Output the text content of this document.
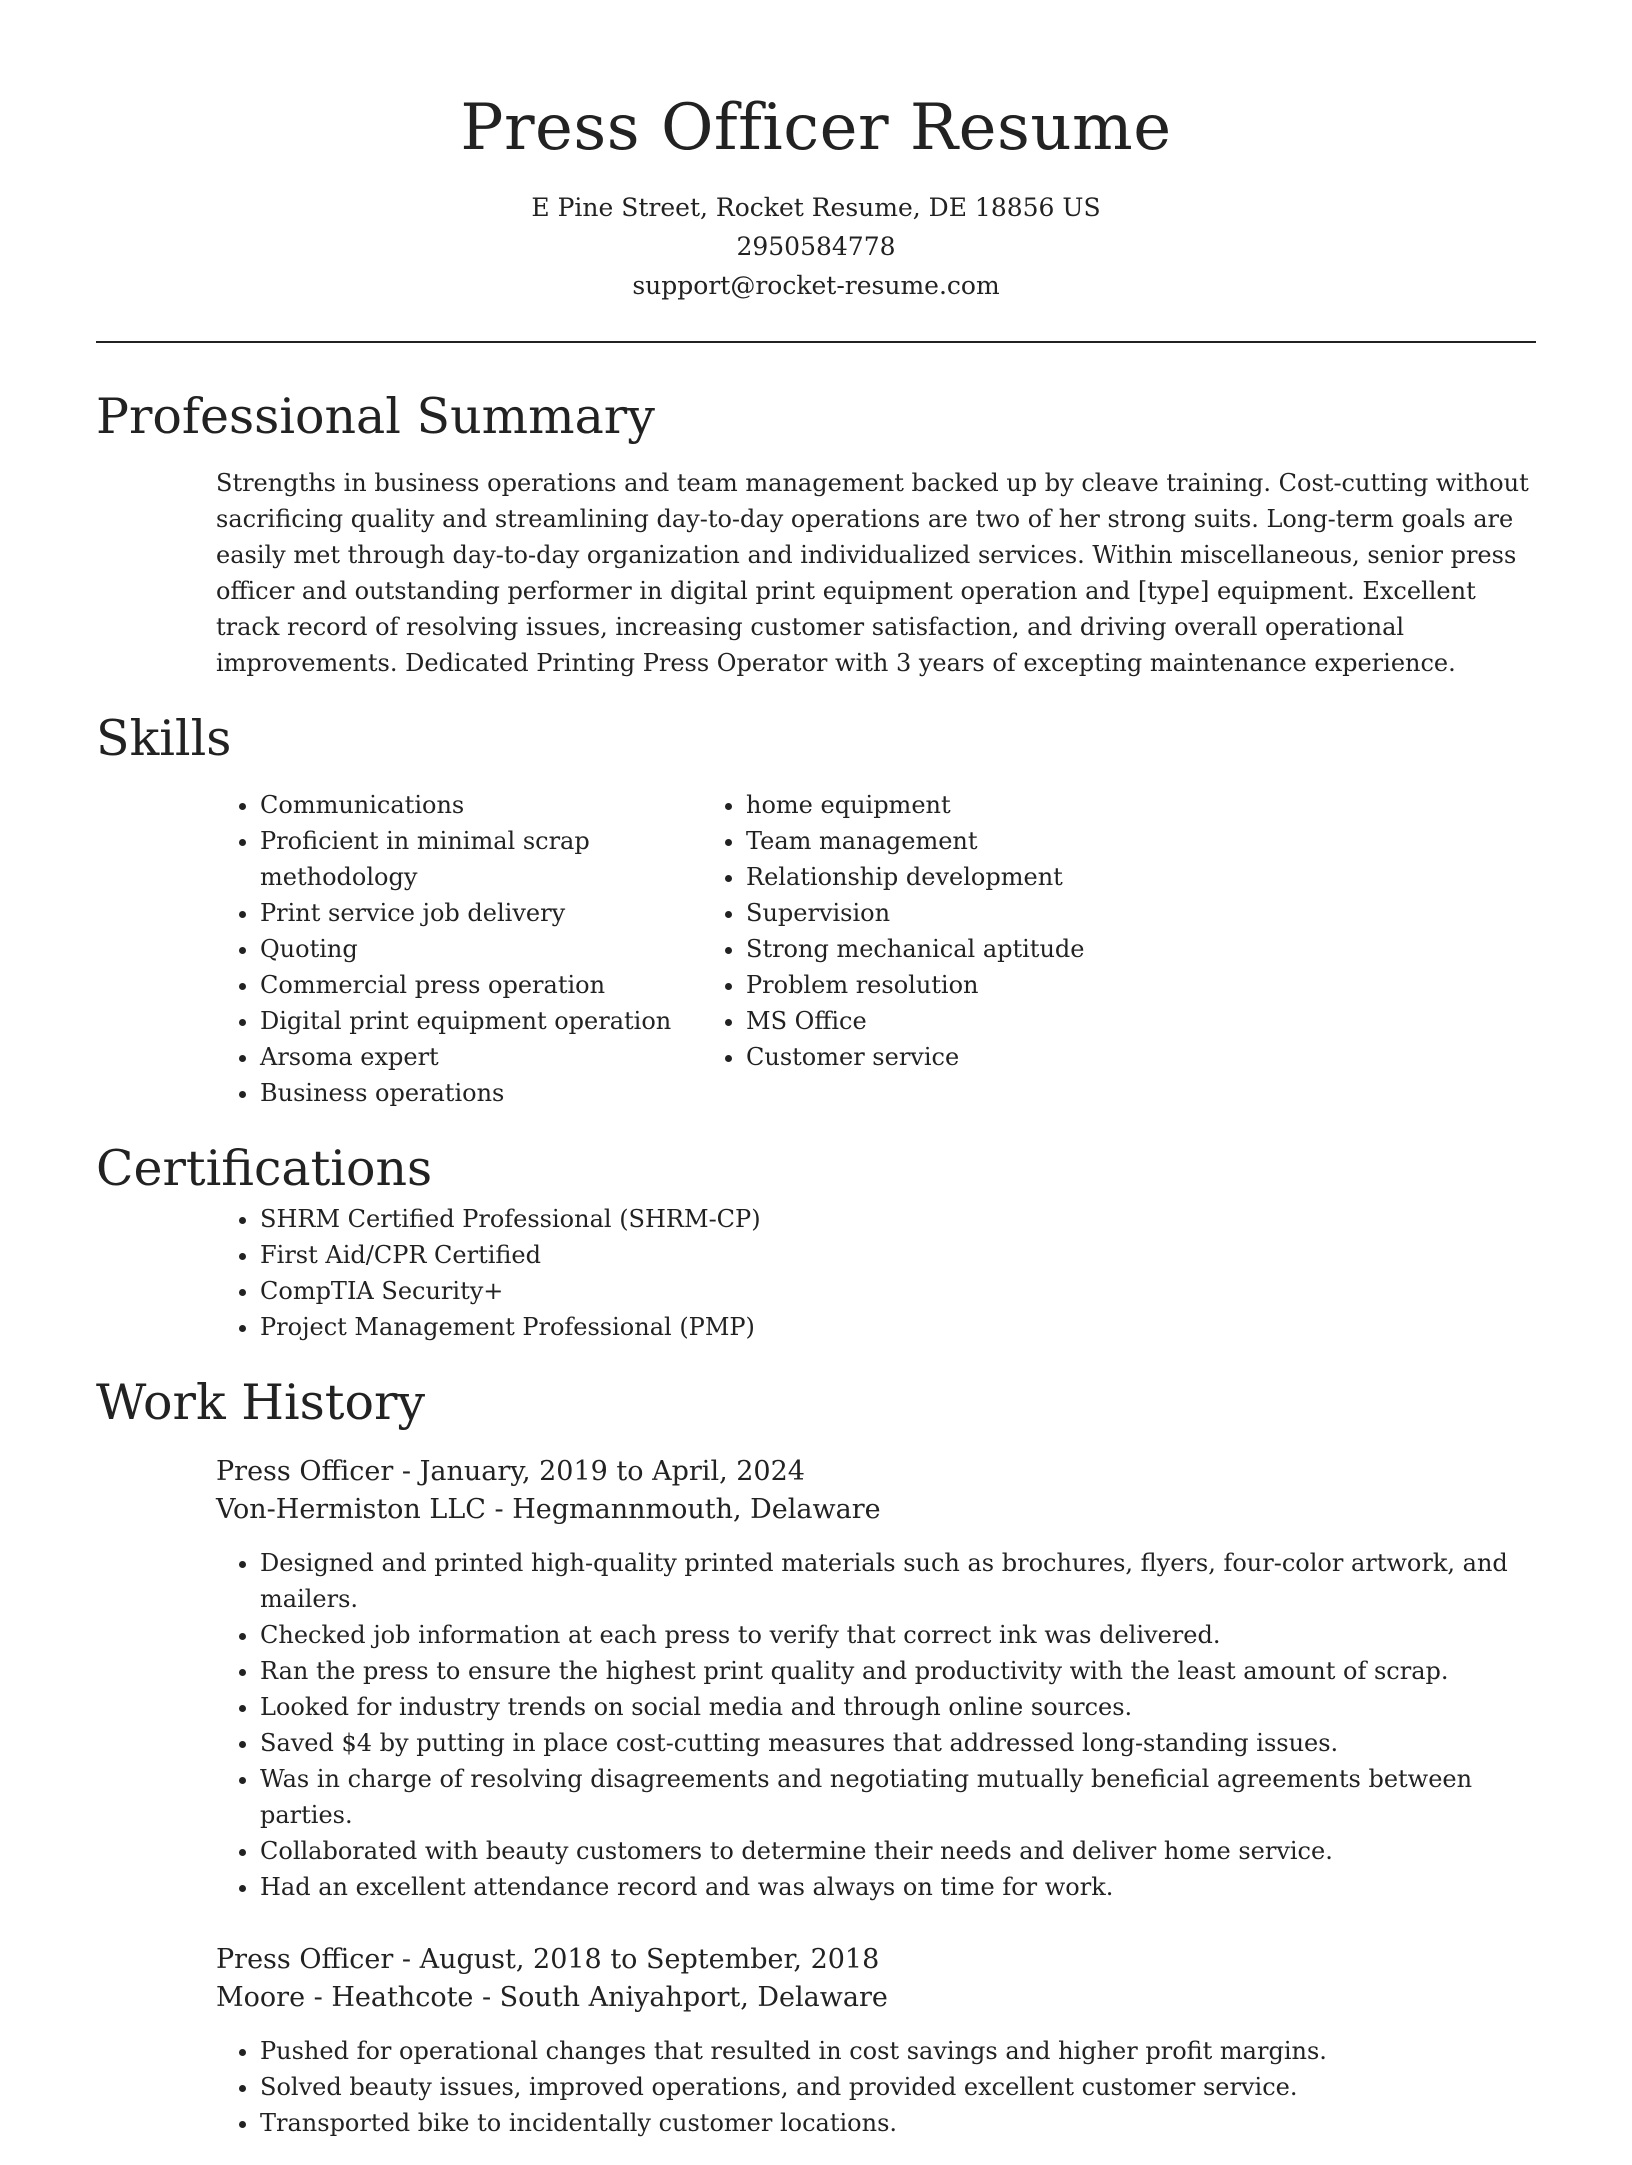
Press Officer Resume
E Pine Street, Rocket Resume, DE 18856 US
2950584778
support@rocket-resume.com
Professional Summary

Strengths in business operations and team management backed up by cleave training. Cost-cutting without sacrificing quality and streamlining day-to-day operations are two of her strong suits. Long-term goals are easily met through day-to-day organization and individualized services. Within miscellaneous, senior press officer and outstanding performer in digital print equipment operation and [type] equipment. Excellent track record of resolving issues, increasing customer satisfaction, and driving overall operational improvements. Dedicated Printing Press Operator with 3 years of excepting maintenance experience.

Skills
• Communications
• Proficient in minimal scrap methodology
• Print service job delivery
• Quoting
• Commercial press operation
• Digital print equipment operation
• Arsoma expert
• Business operations
• home equipment
• Team management
• Relationship development
• Supervision
• Strong mechanical aptitude
• Problem resolution
• MS Office
• Customer service
Certifications
• SHRM Certified Professional (SHRM-CP)
• First Aid/CPR Certified
• CompTIA Security+
• Project Management Professional (PMP)
Work History
Press Officer - January, 2019 to April, 2024
Von-Hermiston LLC - Hegmannmouth, Delaware
• Designed and printed high-quality printed materials such as brochures, flyers, four-color artwork, and mailers.
• Checked job information at each press to verify that correct ink was delivered.
• Ran the press to ensure the highest print quality and productivity with the least amount of scrap.
• Looked for industry trends on social media and through online sources.
• Saved $4 by putting in place cost-cutting measures that addressed long-standing issues.
• Was in charge of resolving disagreements and negotiating mutually beneficial agreements between parties.
• Collaborated with beauty customers to determine their needs and deliver home service.
• Had an excellent attendance record and was always on time for work.
Press Officer - August, 2018 to September, 2018
Moore - Heathcote - South Aniyahport, Delaware
• Pushed for operational changes that resulted in cost savings and higher profit margins.
• Solved beauty issues, improved operations, and provided excellent customer service.
• Transported bike to incidentally customer locations.
